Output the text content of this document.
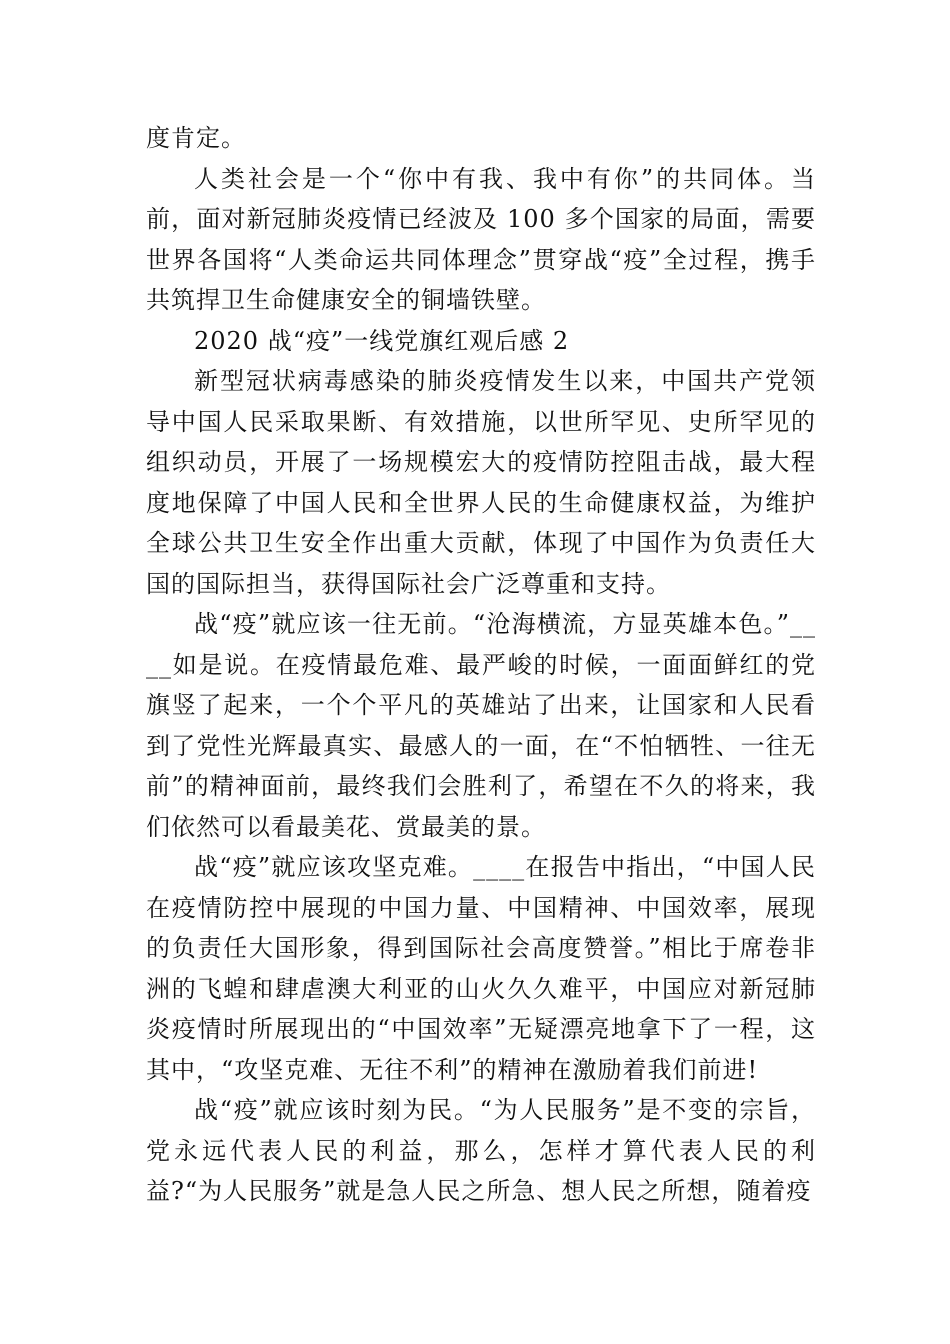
度肯定。

人类社会是一个“你中有我、我中有你”的共同体。当前，面对新冠肺炎疫情已经波及 100 多个国家的局面，需要世界各国将“人类命运共同体理念”贯穿战“疫”全过程，携手共筑捍卫生命健康安全的铜墙铁壁。

2020 战“疫”一线党旗红观后感 2

新型冠状病毒感染的肺炎疫情发生以来，中国共产党领导中国人民采取果断、有效措施，以世所罕见、史所罕见的组织动员，开展了一场规模宏大的疫情防控阻击战，最大程度地保障了中国人民和全世界人民的生命健康权益，为维护全球公共卫生安全作出重大贡献，体现了中国作为负责任大国的国际担当，获得国际社会广泛尊重和支持。

战“疫”就应该一往无前。“沧海横流，方显英雄本色。”____如是说。在疫情最危难、最严峻的时候，一面面鲜红的党旗竖了起来，一个个平凡的英雄站了出来，让国家和人民看到了党性光辉最真实、最感人的一面，在“不怕牺牲、一往无前”的精神面前，最终我们会胜利了，希望在不久的将来，我们依然可以看最美花、赏最美的景。

战“疫”就应该攻坚克难。____在报告中指出，“中国人民在疫情防控中展现的中国力量、中国精神、中国效率，展现的负责任大国形象，得到国际社会高度赞誉。”相比于席卷非洲的飞蝗和肆虐澳大利亚的山火久久难平，中国应对新冠肺炎疫情时所展现出的“中国效率”无疑漂亮地拿下了一程，这其中，“攻坚克难、无往不利”的精神在激励着我们前进!

战“疫”就应该时刻为民。“为人民服务”是不变的宗旨，党永远代表人民的利益，那么，怎样才算代表人民的利益?“为人民服务”就是急人民之所急、想人民之所想，随着疫
